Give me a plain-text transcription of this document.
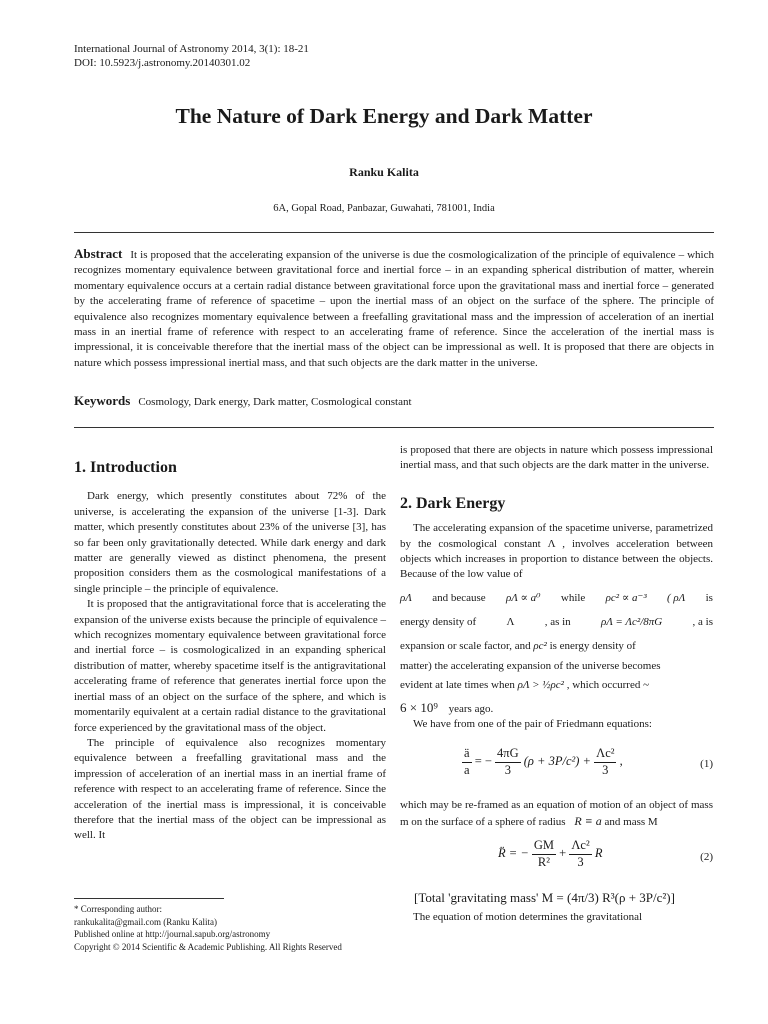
International Journal of Astronomy 2014, 3(1): 18-21
DOI: 10.5923/j.astronomy.20140301.02
The Nature of Dark Energy and Dark Matter
Ranku Kalita
6A, Gopal Road, Panbazar, Guwahati, 781001, India
Abstract It is proposed that the accelerating expansion of the universe is due the cosmologicalization of the principle of equivalence – which recognizes momentary equivalence between gravitational force and inertial force – in an expanding spherical distribution of matter, wherein momentary equivalence occurs at a certain radial distance between gravitational force upon the gravitational mass and inertial force – generated by the accelerating frame of reference of spacetime – upon the inertial mass of an object on the surface of the sphere. The principle of equivalence also recognizes momentary equivalence between a freefalling gravitational mass and the impression of acceleration of an inertial mass in an inertial frame of reference with respect to an accelerating frame of reference. Since the acceleration of the inertial mass is impressional, it is conceivable therefore that the inertial mass of the object can be impressional as well. It is proposed that there are objects in nature which possess impressional inertial mass, and that such objects are the dark matter in the universe.
Keywords Cosmology, Dark energy, Dark matter, Cosmological constant
1. Introduction

Dark energy, which presently constitutes about 72% of the universe, is accelerating the expansion of the universe [1-3]. Dark matter, which presently constitutes about 23% of the universe [3], has so far been only gravitationally detected. While dark energy and dark matter are generally viewed as distinct phenomena, the present proposition considers them as the cosmological manifestations of a single principle – the principle of equivalence.

It is proposed that the antigravitational force that is accelerating the expansion of the universe exists because the principle of equivalence – which recognizes momentary equivalence between gravitational force and inertial force – is cosmologicalized in an expanding spherical distribution of matter, whereby spacetime itself is the antigravitational accelerating frame of reference that generates inertial force upon the inertial mass of an object on the surface of the sphere, and which is momentarily equivalent at a certain radial distance to the gravitational force experienced by the gravitational mass of the object.

The principle of equivalence also recognizes momentary equivalence between a freefalling gravitational mass and the impression of acceleration of an inertial mass in an inertial frame of reference with respect to an accelerating frame of reference. Since the acceleration of the inertial mass is impressional, it is conceivable therefore that the inertial mass of the object can be impressional as well. It

* Corresponding author:
rankukalita@gmail.com (Ranku Kalita)
Published online at http://journal.sapub.org/astronomy
Copyright © 2014 Scientific & Academic Publishing. All Rights Reserved

is proposed that there are objects in nature which possess impressional inertial mass, and that such objects are the dark matter in the universe.

2. Dark Energy

The accelerating expansion of the spacetime universe, parametrized by the cosmological constant Λ , involves acceleration between objects which increases in proportion to distance between the objects. Because of the low value of

ρΛ and because ρΛ ∝ a⁰ while ρc² ∝ a⁻³ ( ρΛ is
energy density of	Λ	, as in	ρΛ = Λc²/8πG	, a is
expansion or scale factor, and ρc² is energy density of
matter) the accelerating expansion of the universe becomes
evident at late times when ρΛ > ½ρc² , which occurred ~
6 × 10⁹ years ago.

We have from one of the pair of Friedmann equations:

$\frac{ä}{a}$ = − $\frac{4\pi G}{3} (\rho + 3P/c^2) + \frac{\text{Λc²}}{3}$ ,	(1)

which may be re-framed as an equation of motion of an object of mass m on the surface of a sphere of radius R ≡ a and mass M

R̈ = − $\frac{GM}{\text{R²}} + \frac{\text{Λc²}}{3}$ R	(2)
[Total 'gravitating mass' M = (4π/3) R³(ρ + 3P/c²)]

The equation of motion determines the gravitational
